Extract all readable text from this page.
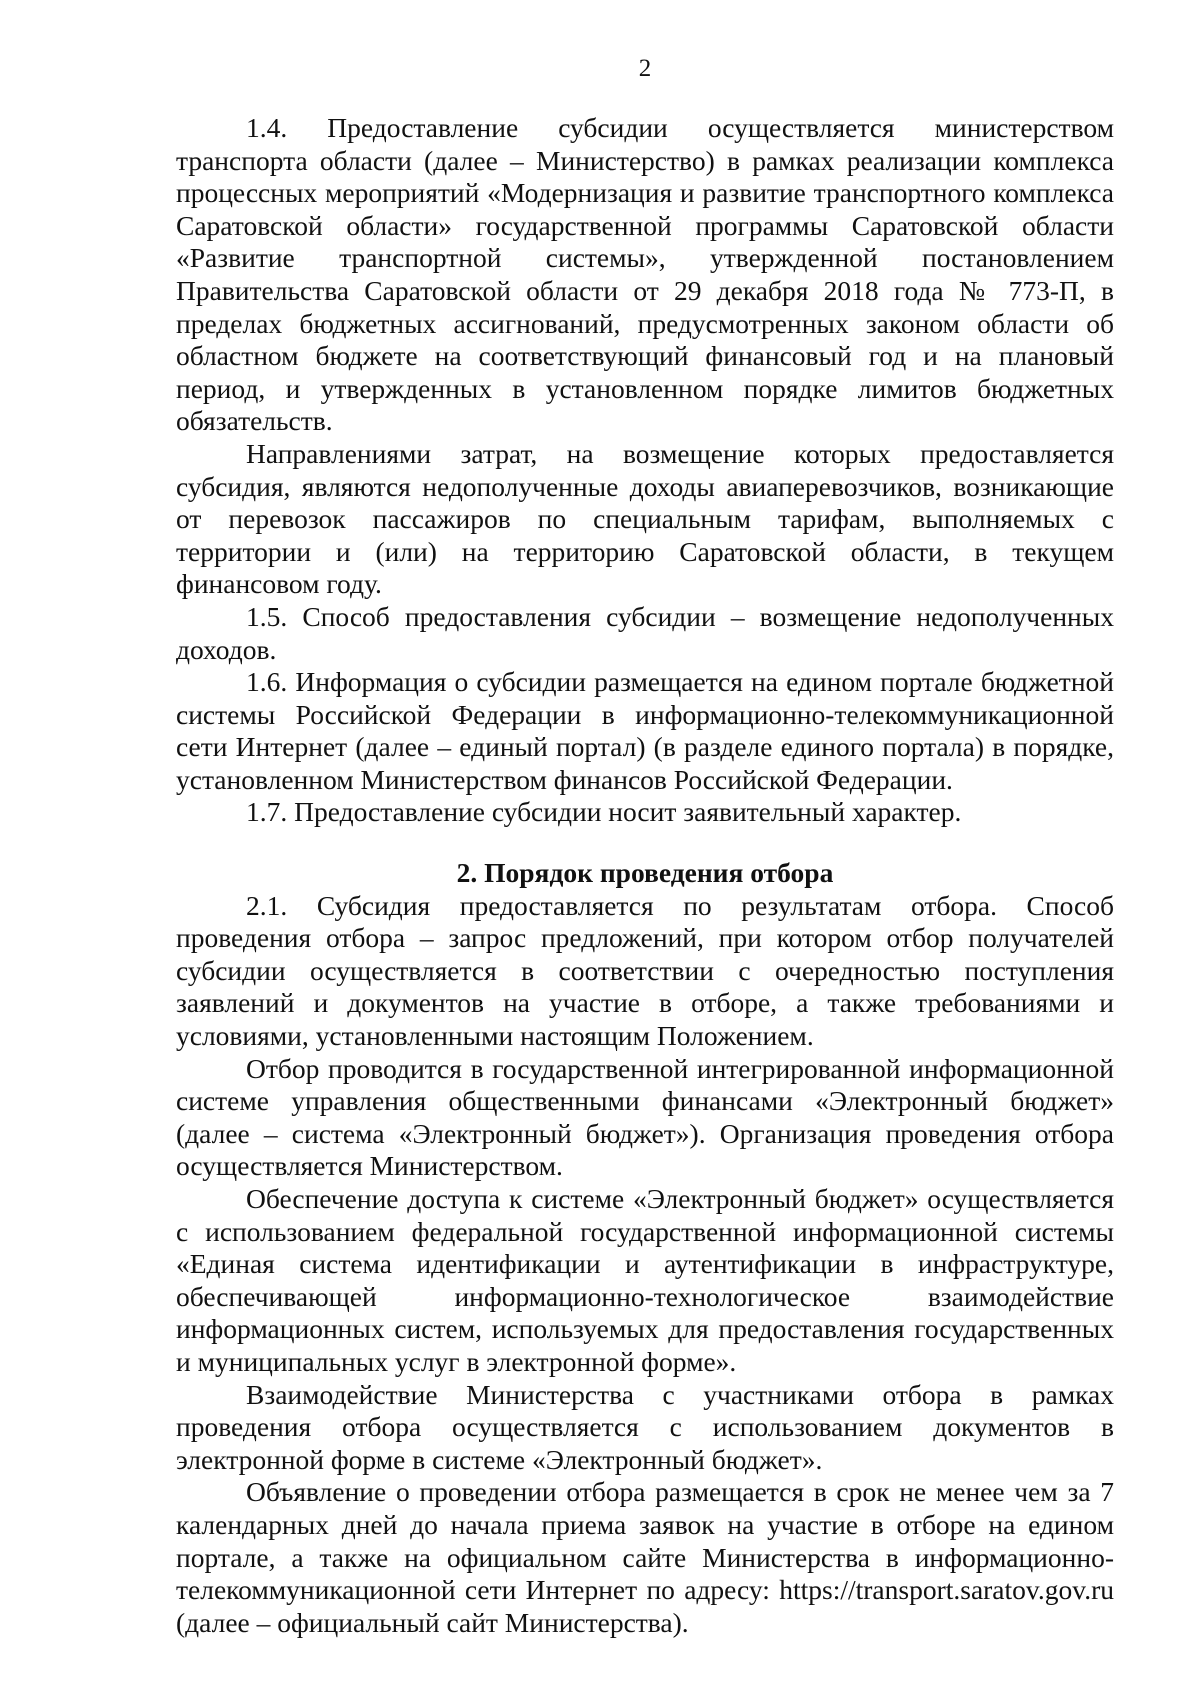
2

1.4. Предоставление субсидии осуществляется министерством транспорта области (далее – Министерство) в рамках реализации комплекса процессных мероприятий «Модернизация и развитие транспортного комплекса Саратовской области» государственной программы Саратовской области «Развитие транспортной системы», утвержденной постановлением Правительства Саратовской области от 29 декабря 2018 года № 773-П, в пределах бюджетных ассигнований, предусмотренных законом области об областном бюджете на соответствующий финансовый год и на плановый период, и утвержденных в установленном порядке лимитов бюджетных обязательств.

Направлениями затрат, на возмещение которых предоставляется субсидия, являются недополученные доходы авиаперевозчиков, возникающие от перевозок пассажиров по специальным тарифам, выполняемых с территории и (или) на территорию Саратовской области, в текущем финансовом году.

1.5. Способ предоставления субсидии – возмещение недополученных доходов.

1.6. Информация о субсидии размещается на едином портале бюджетной системы Российской Федерации в информационно-телекоммуникационной сети Интернет (далее – единый портал) (в разделе единого портала) в порядке, установленном Министерством финансов Российской Федерации.

1.7. Предоставление субсидии носит заявительный характер.

2. Порядок проведения отбора

2.1. Субсидия предоставляется по результатам отбора. Способ проведения отбора – запрос предложений, при котором отбор получателей субсидии осуществляется в соответствии с очередностью поступления заявлений и документов на участие в отборе, а также требованиями и условиями, установленными настоящим Положением.

Отбор проводится в государственной интегрированной информационной системе управления общественными финансами «Электронный бюджет» (далее – система «Электронный бюджет»). Организация проведения отбора осуществляется Министерством.

Обеспечение доступа к системе «Электронный бюджет» осуществляется с использованием федеральной государственной информационной системы «Единая система идентификации и аутентификации в инфраструктуре, обеспечивающей информационно-технологическое взаимодействие информационных систем, используемых для предоставления государственных и муниципальных услуг в электронной форме».

Взаимодействие Министерства с участниками отбора в рамках проведения отбора осуществляется с использованием документов в электронной форме в системе «Электронный бюджет».

Объявление о проведении отбора размещается в срок не менее чем за 7 календарных дней до начала приема заявок на участие в отборе на едином портале, а также на официальном сайте Министерства в информационно-телекоммуникационной сети Интернет по адресу: https://transport.saratov.gov.ru (далее – официальный сайт Министерства).
